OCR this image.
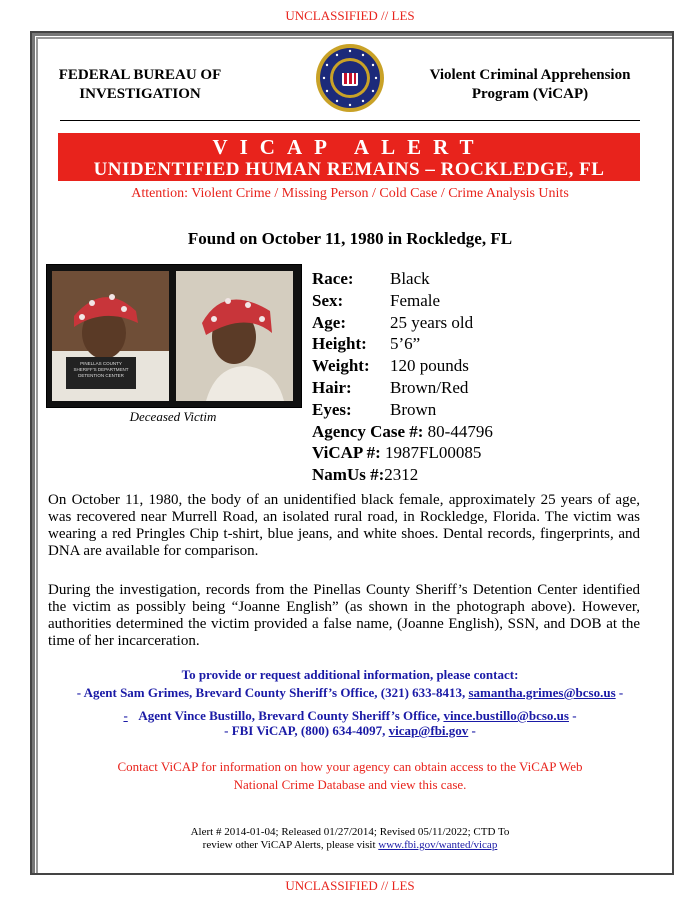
UNCLASSIFIED // LES
FEDERAL BUREAU OF
INVESTIGATION
Violent Criminal Apprehension
Program (ViCAP)
VICAP ALERT
UNIDENTIFIED HUMAN REMAINS – ROCKLEDGE, FL
Attention: Violent Crime / Missing Person / Cold Case / Crime Analysis Units
Found on October 11, 1980 in Rockledge, FL
PINELLAS COUNTY
SHERIFF'S DEPARTMENT
DETENTION CENTER
Deceased Victim
Race:	Black
Sex:	Female
Age:	25 years old
Height:	5’6”
Weight:	120 pounds
Hair:	Brown/Red
Eyes:	Brown
Agency Case #: 80-44796
ViCAP #: 1987FL00085
NamUs #:2312
On October 11, 1980, the body of an unidentified black female, approximately 25 years of age, was recovered near Murrell Road, an isolated rural road, in Rockledge, Florida. The victim was wearing a red Pringles Chip t-shirt, blue jeans, and white shoes. Dental records, fingerprints, and DNA are available for comparison.
During the investigation, records from the Pinellas County Sheriff’s Detention Center identified the victim as possibly being “Joanne English” (as shown in the photograph above). However, authorities determined the victim provided a false name, (Joanne English), SSN, and DOB at the time of her incarceration.
To provide or request additional information, please contact:
- Agent Sam Grimes, Brevard County Sheriff’s Office, (321) 633-8413, samantha.grimes@bcso.us -
- Agent Vince Bustillo, Brevard County Sheriff’s Office, vince.bustillo@bcso.us -
- FBI ViCAP, (800) 634-4097, vicap@fbi.gov -
Contact ViCAP for information on how your agency can obtain access to the ViCAP Web
National Crime Database and view this case.
Alert # 2014-01-04; Released 01/27/2014; Revised 05/11/2022; CTD To
review other ViCAP Alerts, please visit www.fbi.gov/wanted/vicap
UNCLASSIFIED // LES
